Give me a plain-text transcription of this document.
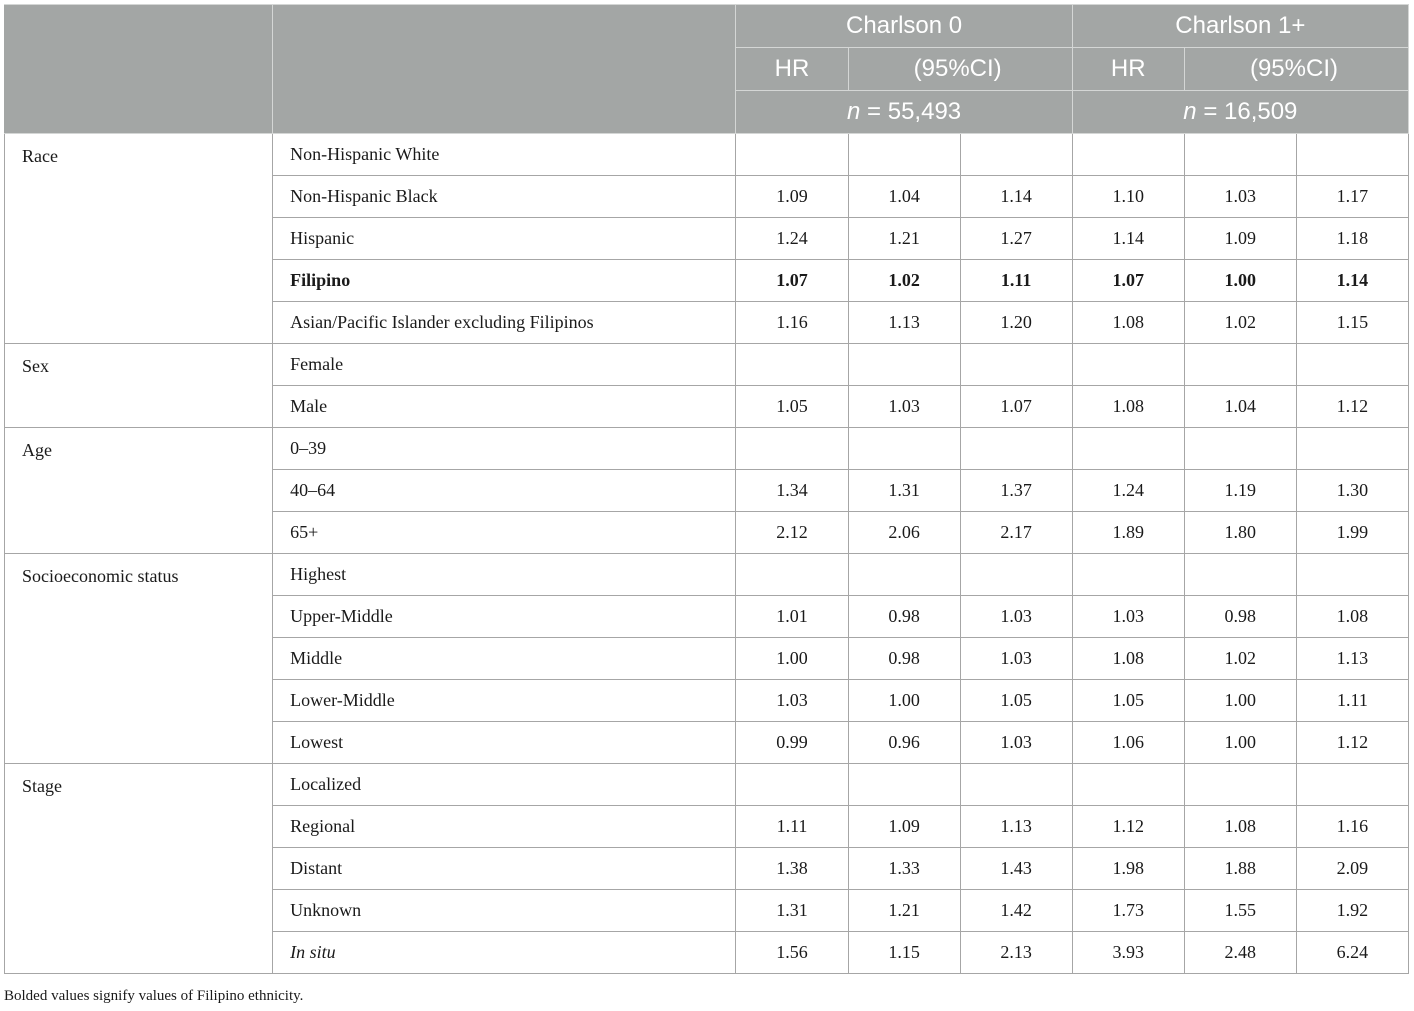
		Charlson 0			Charlson 1+		
		HR	(95%CI)		HR	(95%CI)	
		n = 55,493			n = 16,509		
Race	Non-Hispanic White						
	Non-Hispanic Black	1.09	1.04	1.14	1.10	1.03	1.17
	Hispanic	1.24	1.21	1.27	1.14	1.09	1.18
	Filipino	1.07	1.02	1.11	1.07	1.00	1.14
	Asian/Pacific Islander excluding Filipinos	1.16	1.13	1.20	1.08	1.02	1.15
Sex	Female						
	Male	1.05	1.03	1.07	1.08	1.04	1.12
Age	0–39						
	40–64	1.34	1.31	1.37	1.24	1.19	1.30
	65+	2.12	2.06	2.17	1.89	1.80	1.99
Socioeconomic status	Highest						
	Upper-Middle	1.01	0.98	1.03	1.03	0.98	1.08
	Middle	1.00	0.98	1.03	1.08	1.02	1.13
	Lower-Middle	1.03	1.00	1.05	1.05	1.00	1.11
	Lowest	0.99	0.96	1.03	1.06	1.00	1.12
Stage	Localized						
	Regional	1.11	1.09	1.13	1.12	1.08	1.16
	Distant	1.38	1.33	1.43	1.98	1.88	2.09
	Unknown	1.31	1.21	1.42	1.73	1.55	1.92
	In situ	1.56	1.15	2.13	3.93	2.48	6.24
Bolded values signify values of Filipino ethnicity.
